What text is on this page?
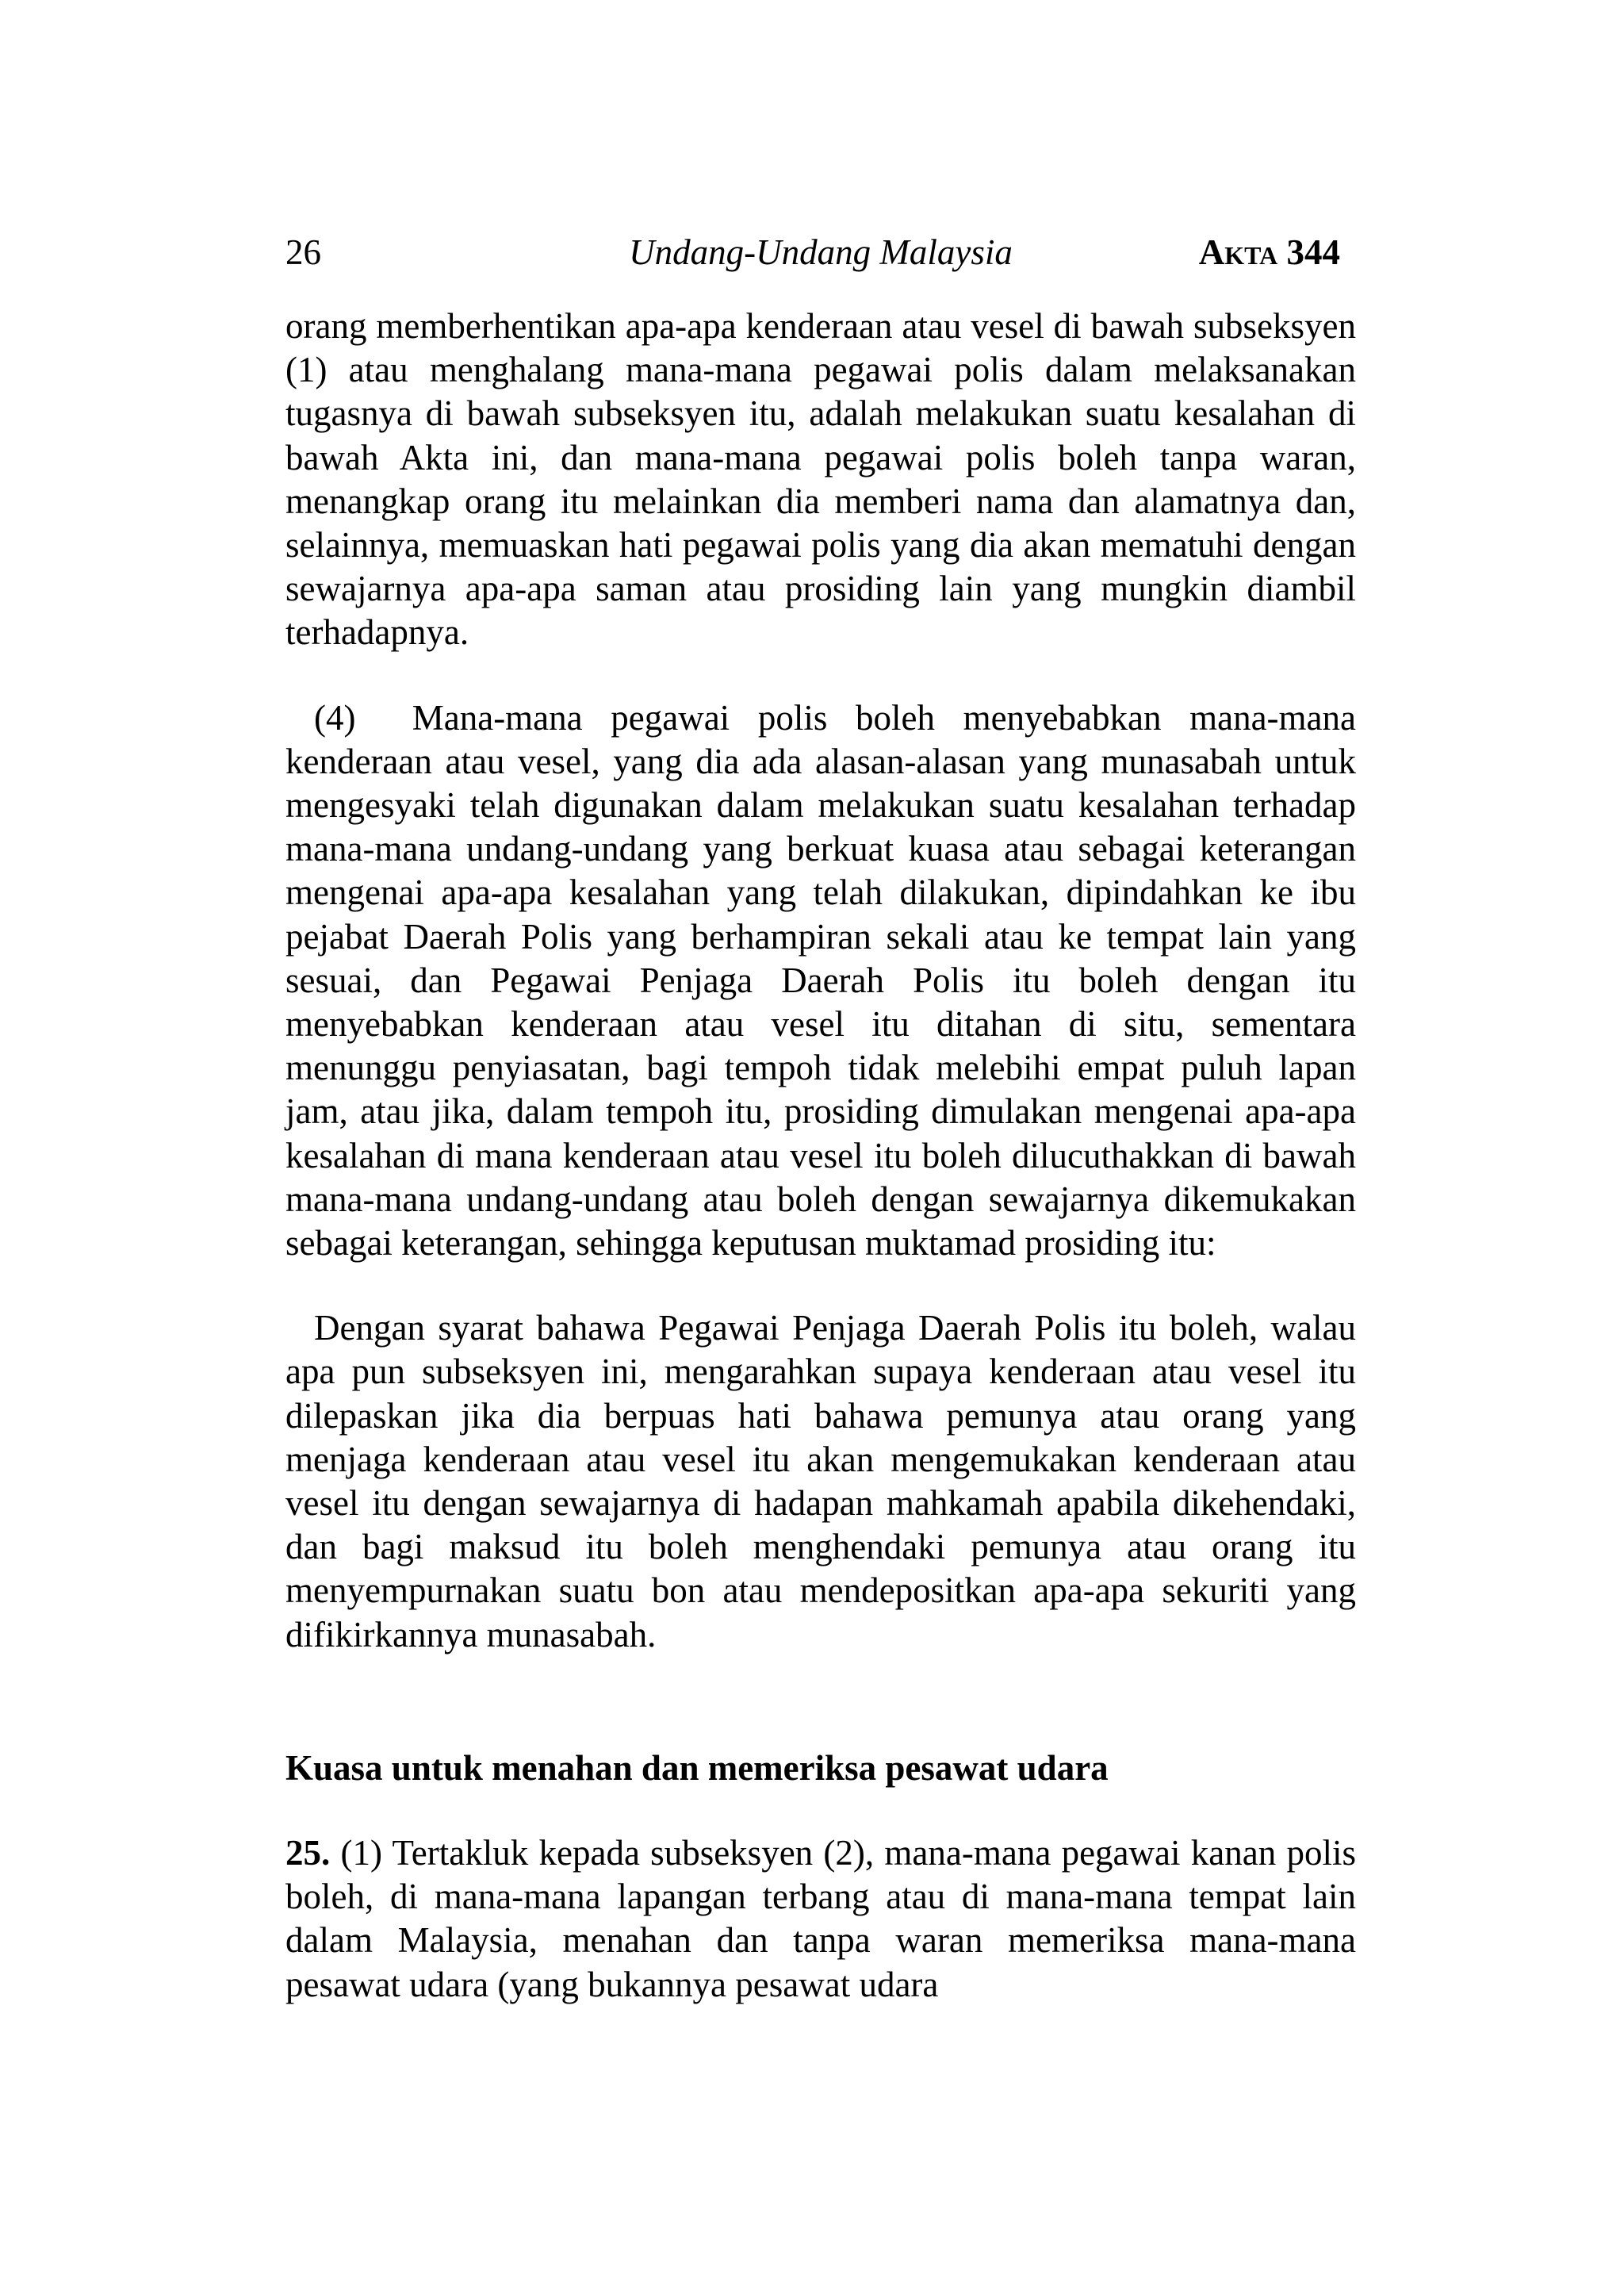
26	Undang-Undang Malaysia	Akta 344

orang memberhentikan apa-apa kenderaan atau vesel di bawah subseksyen (1) atau menghalang mana-mana pegawai polis dalam melaksanakan tugasnya di bawah subseksyen itu, adalah melakukan suatu kesalahan di bawah Akta ini, dan mana-mana pegawai polis boleh tanpa waran, menangkap orang itu melainkan dia memberi nama dan alamatnya dan, selainnya, memuaskan hati pegawai polis yang dia akan mematuhi dengan sewajarnya apa-apa saman atau prosiding lain yang mungkin diambil terhadapnya.

(4)  Mana-mana pegawai polis boleh menyebabkan mana-mana kenderaan atau vesel, yang dia ada alasan-alasan yang munasabah untuk mengesyaki telah digunakan dalam melakukan suatu kesalahan terhadap mana-mana undang-undang yang berkuat kuasa atau sebagai keterangan mengenai apa-apa kesalahan yang telah dilakukan, dipindahkan ke ibu pejabat Daerah Polis yang berhampiran sekali atau ke tempat lain yang sesuai, dan Pegawai Penjaga Daerah Polis itu boleh dengan itu menyebabkan kenderaan atau vesel itu ditahan di situ, sementara menunggu penyiasatan, bagi tempoh tidak melebihi empat puluh lapan jam, atau jika, dalam tempoh itu, prosiding dimulakan mengenai apa-apa kesalahan di mana kenderaan atau vesel itu boleh dilucuthakkan di bawah mana-mana undang-undang atau boleh dengan sewajarnya dikemukakan sebagai keterangan, sehingga keputusan muktamad prosiding itu:

Dengan syarat bahawa Pegawai Penjaga Daerah Polis itu boleh, walau apa pun subseksyen ini, mengarahkan supaya kenderaan atau vesel itu dilepaskan jika dia berpuas hati bahawa pemunya atau orang yang menjaga kenderaan atau vesel itu akan mengemukakan kenderaan atau vesel itu dengan sewajarnya di hadapan mahkamah apabila dikehendaki, dan bagi maksud itu boleh menghendaki pemunya atau orang itu menyempurnakan suatu bon atau mendepositkan apa-apa sekuriti yang difikirkannya munasabah.

Kuasa untuk menahan dan memeriksa pesawat udara

25. (1) Tertakluk kepada subseksyen (2), mana-mana pegawai kanan polis boleh, di mana-mana lapangan terbang atau di mana-mana tempat lain dalam Malaysia, menahan dan tanpa waran memeriksa mana-mana pesawat udara (yang bukannya pesawat udara
